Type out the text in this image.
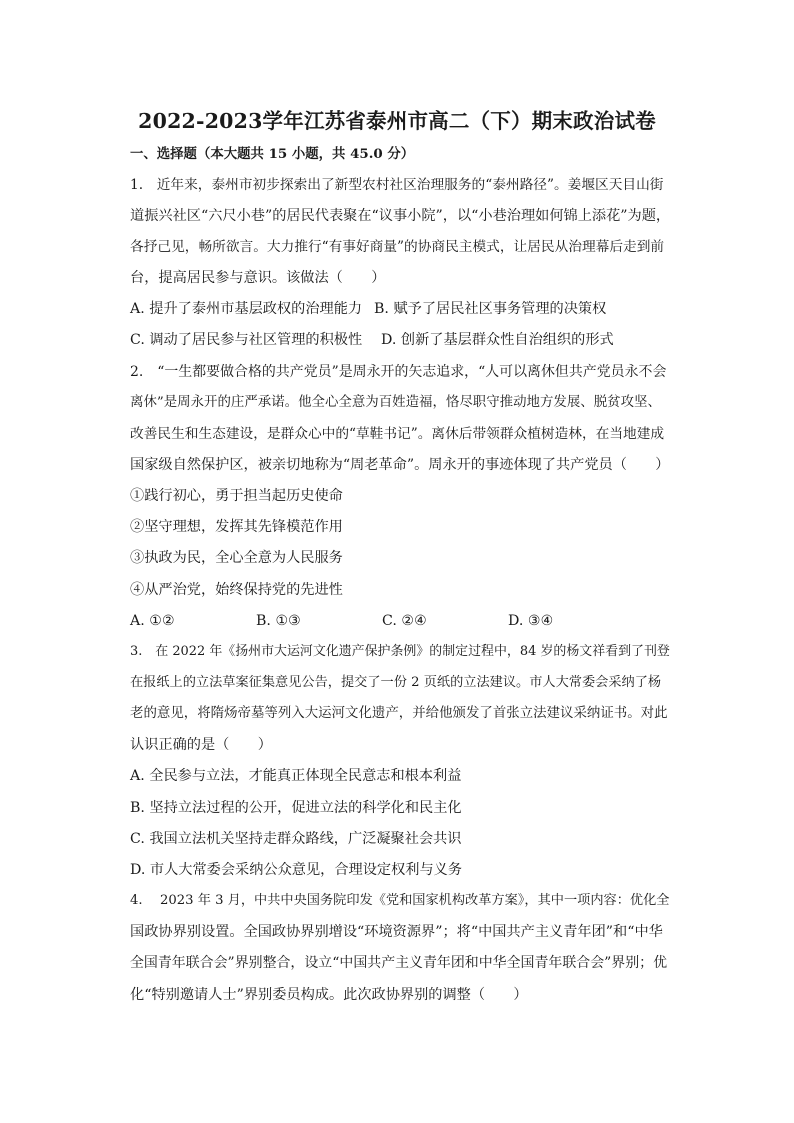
2022-2023学年江苏省泰州市高二（下）期末政治试卷
一、选择题（本大题共 15 小题，共 45.0 分）
1.　近年来，泰州市初步探索出了新型农村社区治理服务的“泰州路径”。姜堰区天目山街
道振兴社区“六尺小巷”的居民代表聚在“议事小院”，以“小巷治理如何锦上添花”为题，
各抒己见，畅所欲言。大力推行“有事好商量”的协商民主模式，让居民从治理幕后走到前
台，提高居民参与意识。该做法（　　）
A. 提升了泰州市基层政权的治理能力 B. 赋予了居民社区事务管理的决策权
C. 调动了居民参与社区管理的积极性 D. 创新了基层群众性自治组织的形式
2.　“一生都要做合格的共产党员”是周永开的矢志追求，“人可以离休但共产党员永不会
离休”是周永开的庄严承诺。他全心全意为百姓造福，恪尽职守推动地方发展、脱贫攻坚、
改善民生和生态建设，是群众心中的“草鞋书记”。离休后带领群众植树造林，在当地建成
国家级自然保护区，被亲切地称为“周老革命”。周永开的事迹体现了共产党员（　　）
①践行初心，勇于担当起历史使命
②坚守理想，发挥其先锋模范作用
③执政为民，全心全意为人民服务
④从严治党，始终保持党的先进性
A. ①②	B. ①③	C. ②④	D. ③④
3.　在 2022 年《扬州市大运河文化遗产保护条例》的制定过程中，84 岁的杨文祥看到了刊登
在报纸上的立法草案征集意见公告，提交了一份 2 页纸的立法建议。市人大常委会采纳了杨
老的意见，将隋炀帝墓等列入大运河文化遗产，并给他颁发了首张立法建议采纳证书。对此
认识正确的是（　　）
A. 全民参与立法，才能真正体现全民意志和根本利益
B. 坚持立法过程的公开，促进立法的科学化和民主化
C. 我国立法机关坚持走群众路线，广泛凝聚社会共识
D. 市人大常委会采纳公众意见，合理设定权利与义务
4.　 2023 年 3 月，中共中央国务院印发《党和国家机构改革方案》，其中一项内容：优化全
国政协界别设置。全国政协界别增设“环境资源界”；将“中国共产主义青年团”和“中华
全国青年联合会”界别整合，设立“中国共产主义青年团和中华全国青年联合会”界别；优
化“特别邀请人士”界别委员构成。此次政协界别的调整（　　）
